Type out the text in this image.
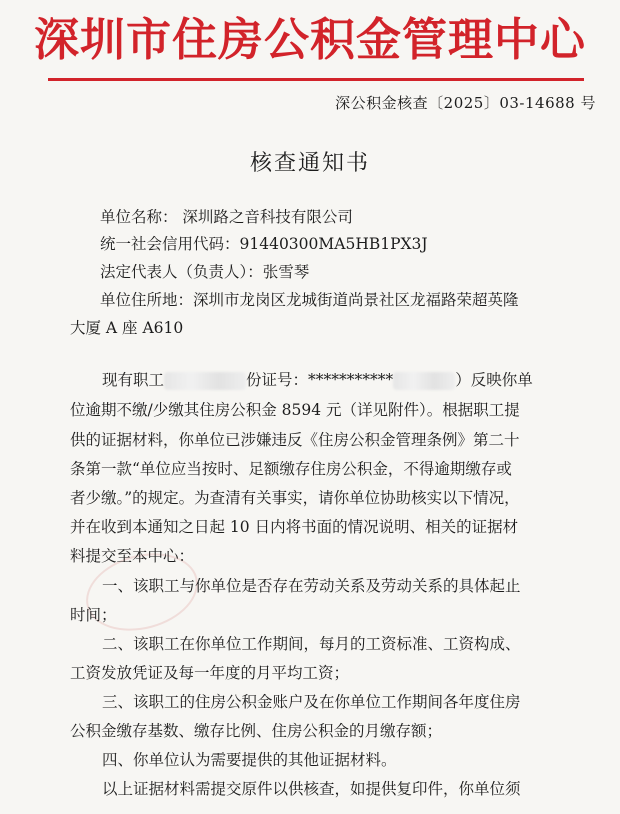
深圳市住房公积金管理中心
深公积金核查〔2025〕03-14688 号
核查通知书
单位名称： 深圳路之音科技有限公司
统一社会信用代码：91440300MA5HB1PX3J
法定代表人（负责人）：张雪琴
单位住所地：深圳市龙岗区龙城街道尚景社区龙福路荣超英隆
大厦 A 座 A610
现有职工	份证号：***********	）反映你单
位逾期不缴/少缴其住房公积金 8594 元（详见附件）。根据职工提
供的证据材料，你单位已涉嫌违反《住房公积金管理条例》第二十
条第一款“单位应当按时、足额缴存住房公积金，不得逾期缴存或
者少缴。”的规定。为查清有关事实，请你单位协助核实以下情况，
并在收到本通知之日起 10 日内将书面的情况说明、相关的证据材
料提交至本中心：
一、该职工与你单位是否存在劳动关系及劳动关系的具体起止
时间；
二、该职工在你单位工作期间，每月的工资标准、工资构成、
工资发放凭证及每一年度的月平均工资；
三、该职工的住房公积金账户及在你单位工作期间各年度住房
公积金缴存基数、缴存比例、住房公积金的月缴存额；
四、你单位认为需要提供的其他证据材料。
以上证据材料需提交原件以供核查，如提供复印件，你单位须
